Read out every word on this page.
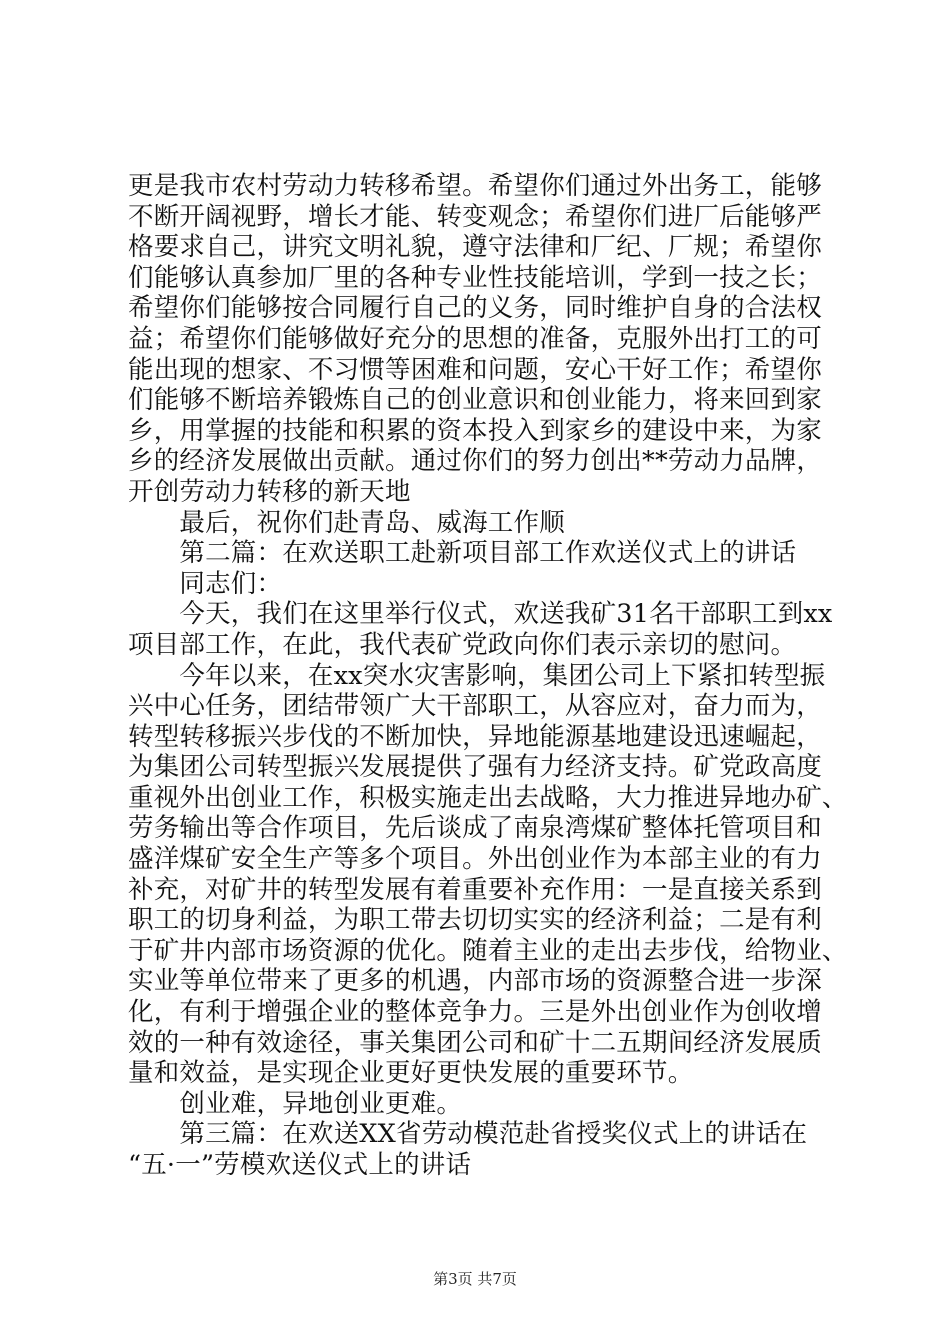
更是我市农村劳动力转移希望。希望你们通过外出务工，能够
不断开阔视野，增长才能、转变观念；希望你们进厂后能够严
格要求自己，讲究文明礼貌，遵守法律和厂纪、厂规；希望你
们能够认真参加厂里的各种专业性技能培训，学到一技之长；
希望你们能够按合同履行自己的义务，同时维护自身的合法权
益；希望你们能够做好充分的思想的准备，克服外出打工的可
能出现的想家、不习惯等困难和问题，安心干好工作；希望你
们能够不断培养锻炼自己的创业意识和创业能力，将来回到家
乡，用掌握的技能和积累的资本投入到家乡的建设中来，为家
乡的经济发展做出贡献。通过你们的努力创出**劳动力品牌，
开创劳动力转移的新天地
　　最后，祝你们赴青岛、威海工作顺
　　第二篇：在欢送职工赴新项目部工作欢送仪式上的讲话
　　同志们：
　　今天，我们在这里举行仪式，欢送我矿31名干部职工到xx
项目部工作，在此，我代表矿党政向你们表示亲切的慰问。
　　今年以来，在xx突水灾害影响，集团公司上下紧扣转型振
兴中心任务，团结带领广大干部职工，从容应对，奋力而为，
转型转移振兴步伐的不断加快，异地能源基地建设迅速崛起，
为集团公司转型振兴发展提供了强有力经济支持。矿党政高度
重视外出创业工作，积极实施走出去战略，大力推进异地办矿、
劳务输出等合作项目，先后谈成了南泉湾煤矿整体托管项目和
盛洋煤矿安全生产等多个项目。外出创业作为本部主业的有力
补充，对矿井的转型发展有着重要补充作用：一是直接关系到
职工的切身利益，为职工带去切切实实的经济利益；二是有利
于矿井内部市场资源的优化。随着主业的走出去步伐，给物业、
实业等单位带来了更多的机遇，内部市场的资源整合进一步深
化，有利于增强企业的整体竞争力。三是外出创业作为创收增
效的一种有效途径，事关集团公司和矿十二五期间经济发展质
量和效益，是实现企业更好更快发展的重要环节。
　　创业难，异地创业更难。
　　第三篇：在欢送XX省劳动模范赴省授奖仪式上的讲话在
“五·一”劳模欢送仪式上的讲话
第3页 共7页
